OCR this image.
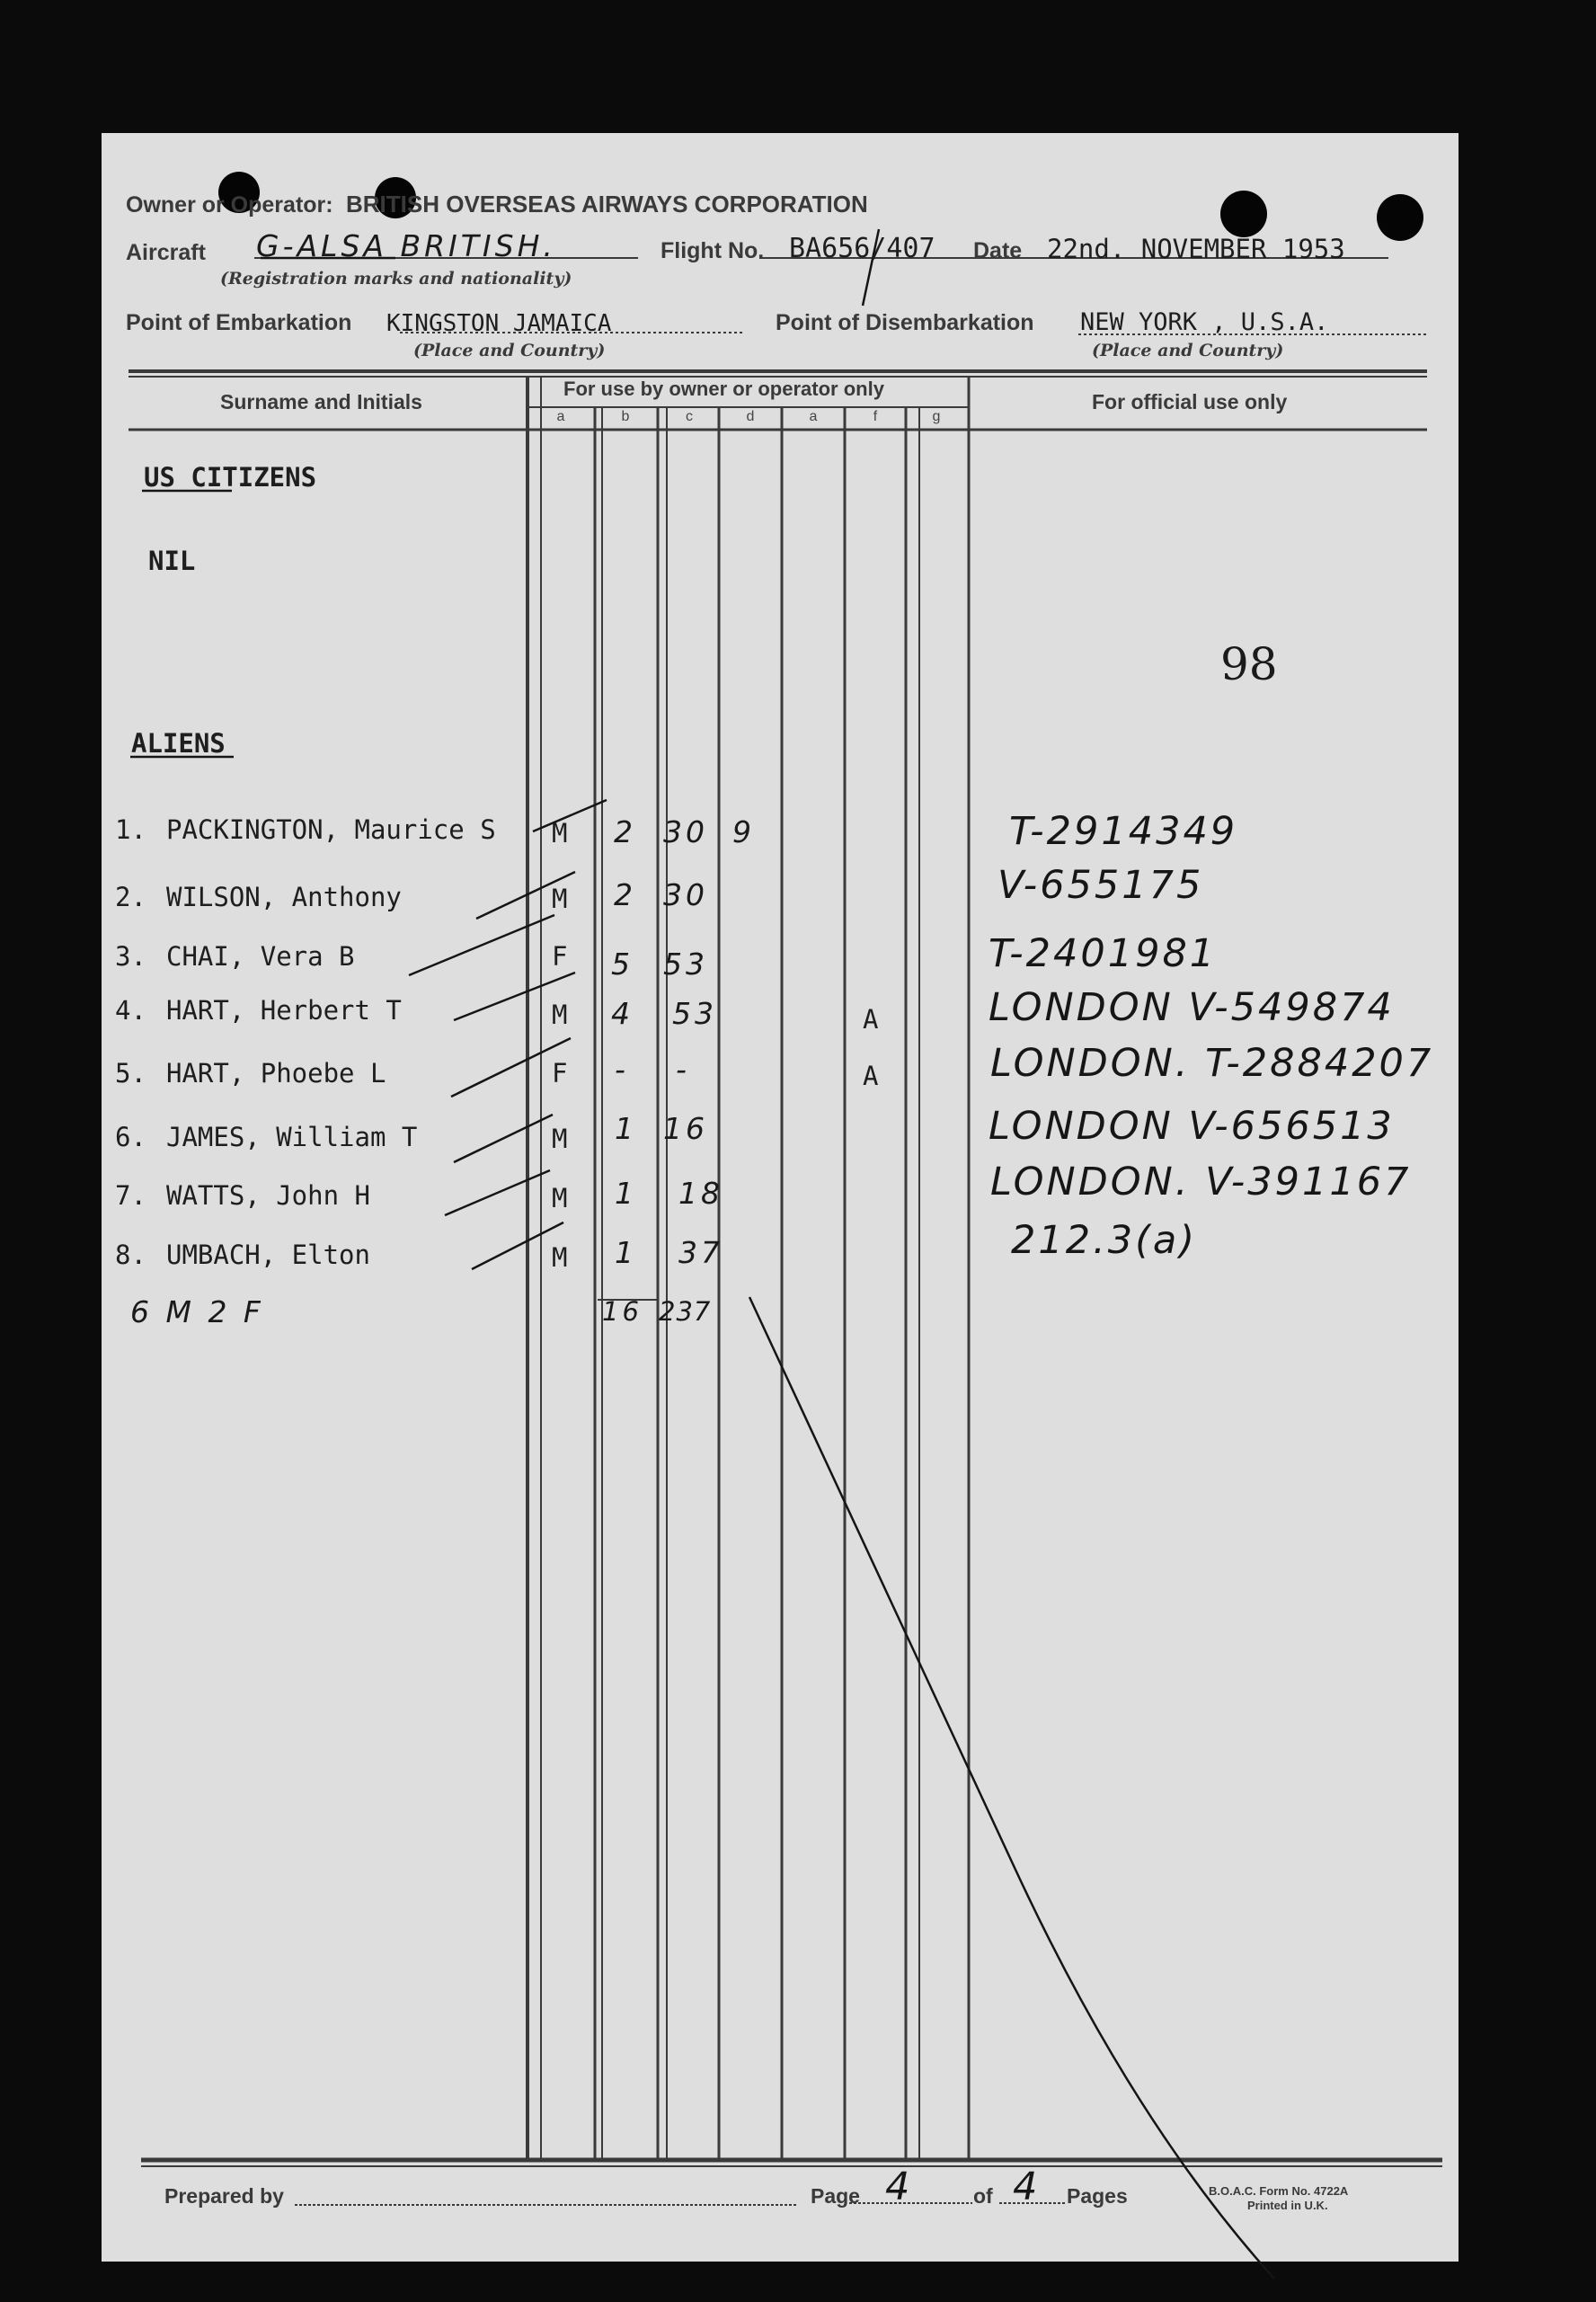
Owner or Operator: BRITISH OVERSEAS AIRWAYS CORPORATION
Aircraft G-ALSA BRITISH.
(Registration marks and nationality)
Flight No. BA656/407 Date 22nd. NOVEMBER 1953
Point of Embarkation KINGSTON JAMAICA
(Place and Country)
Point of Disembarkation NEW YORK , U.S.A.
(Place and Country)
Surname and Initials
For use by owner or operator only
For official use only
a	b	c	d	a	f	g
US CITIZENS
NIL
98
ALIENS
1. PACKINGTON, Maurice S M 2 30 9	T-2914349
2. WILSON, Anthony	M 2 30	V-655175
3. CHAI, Vera B	F 5 53	T-2401981
4. HART, Herbert T	M 4 53	A	LONDON V-549874
5. HART, Phoebe L	F - -	A	LONDON. T-2884207
6. JAMES, William T	M 1 16	LONDON V-656513
7. WATTS, John H	M 1 18	LONDON. V-391167
8. UMBACH, Elton	M 1 37	212.3(a)
6 M 2 F	16 237
Prepared by	Page 4	of 4 Pages	B.O.A.C. Form No. 4722A
Printed in U.K.
